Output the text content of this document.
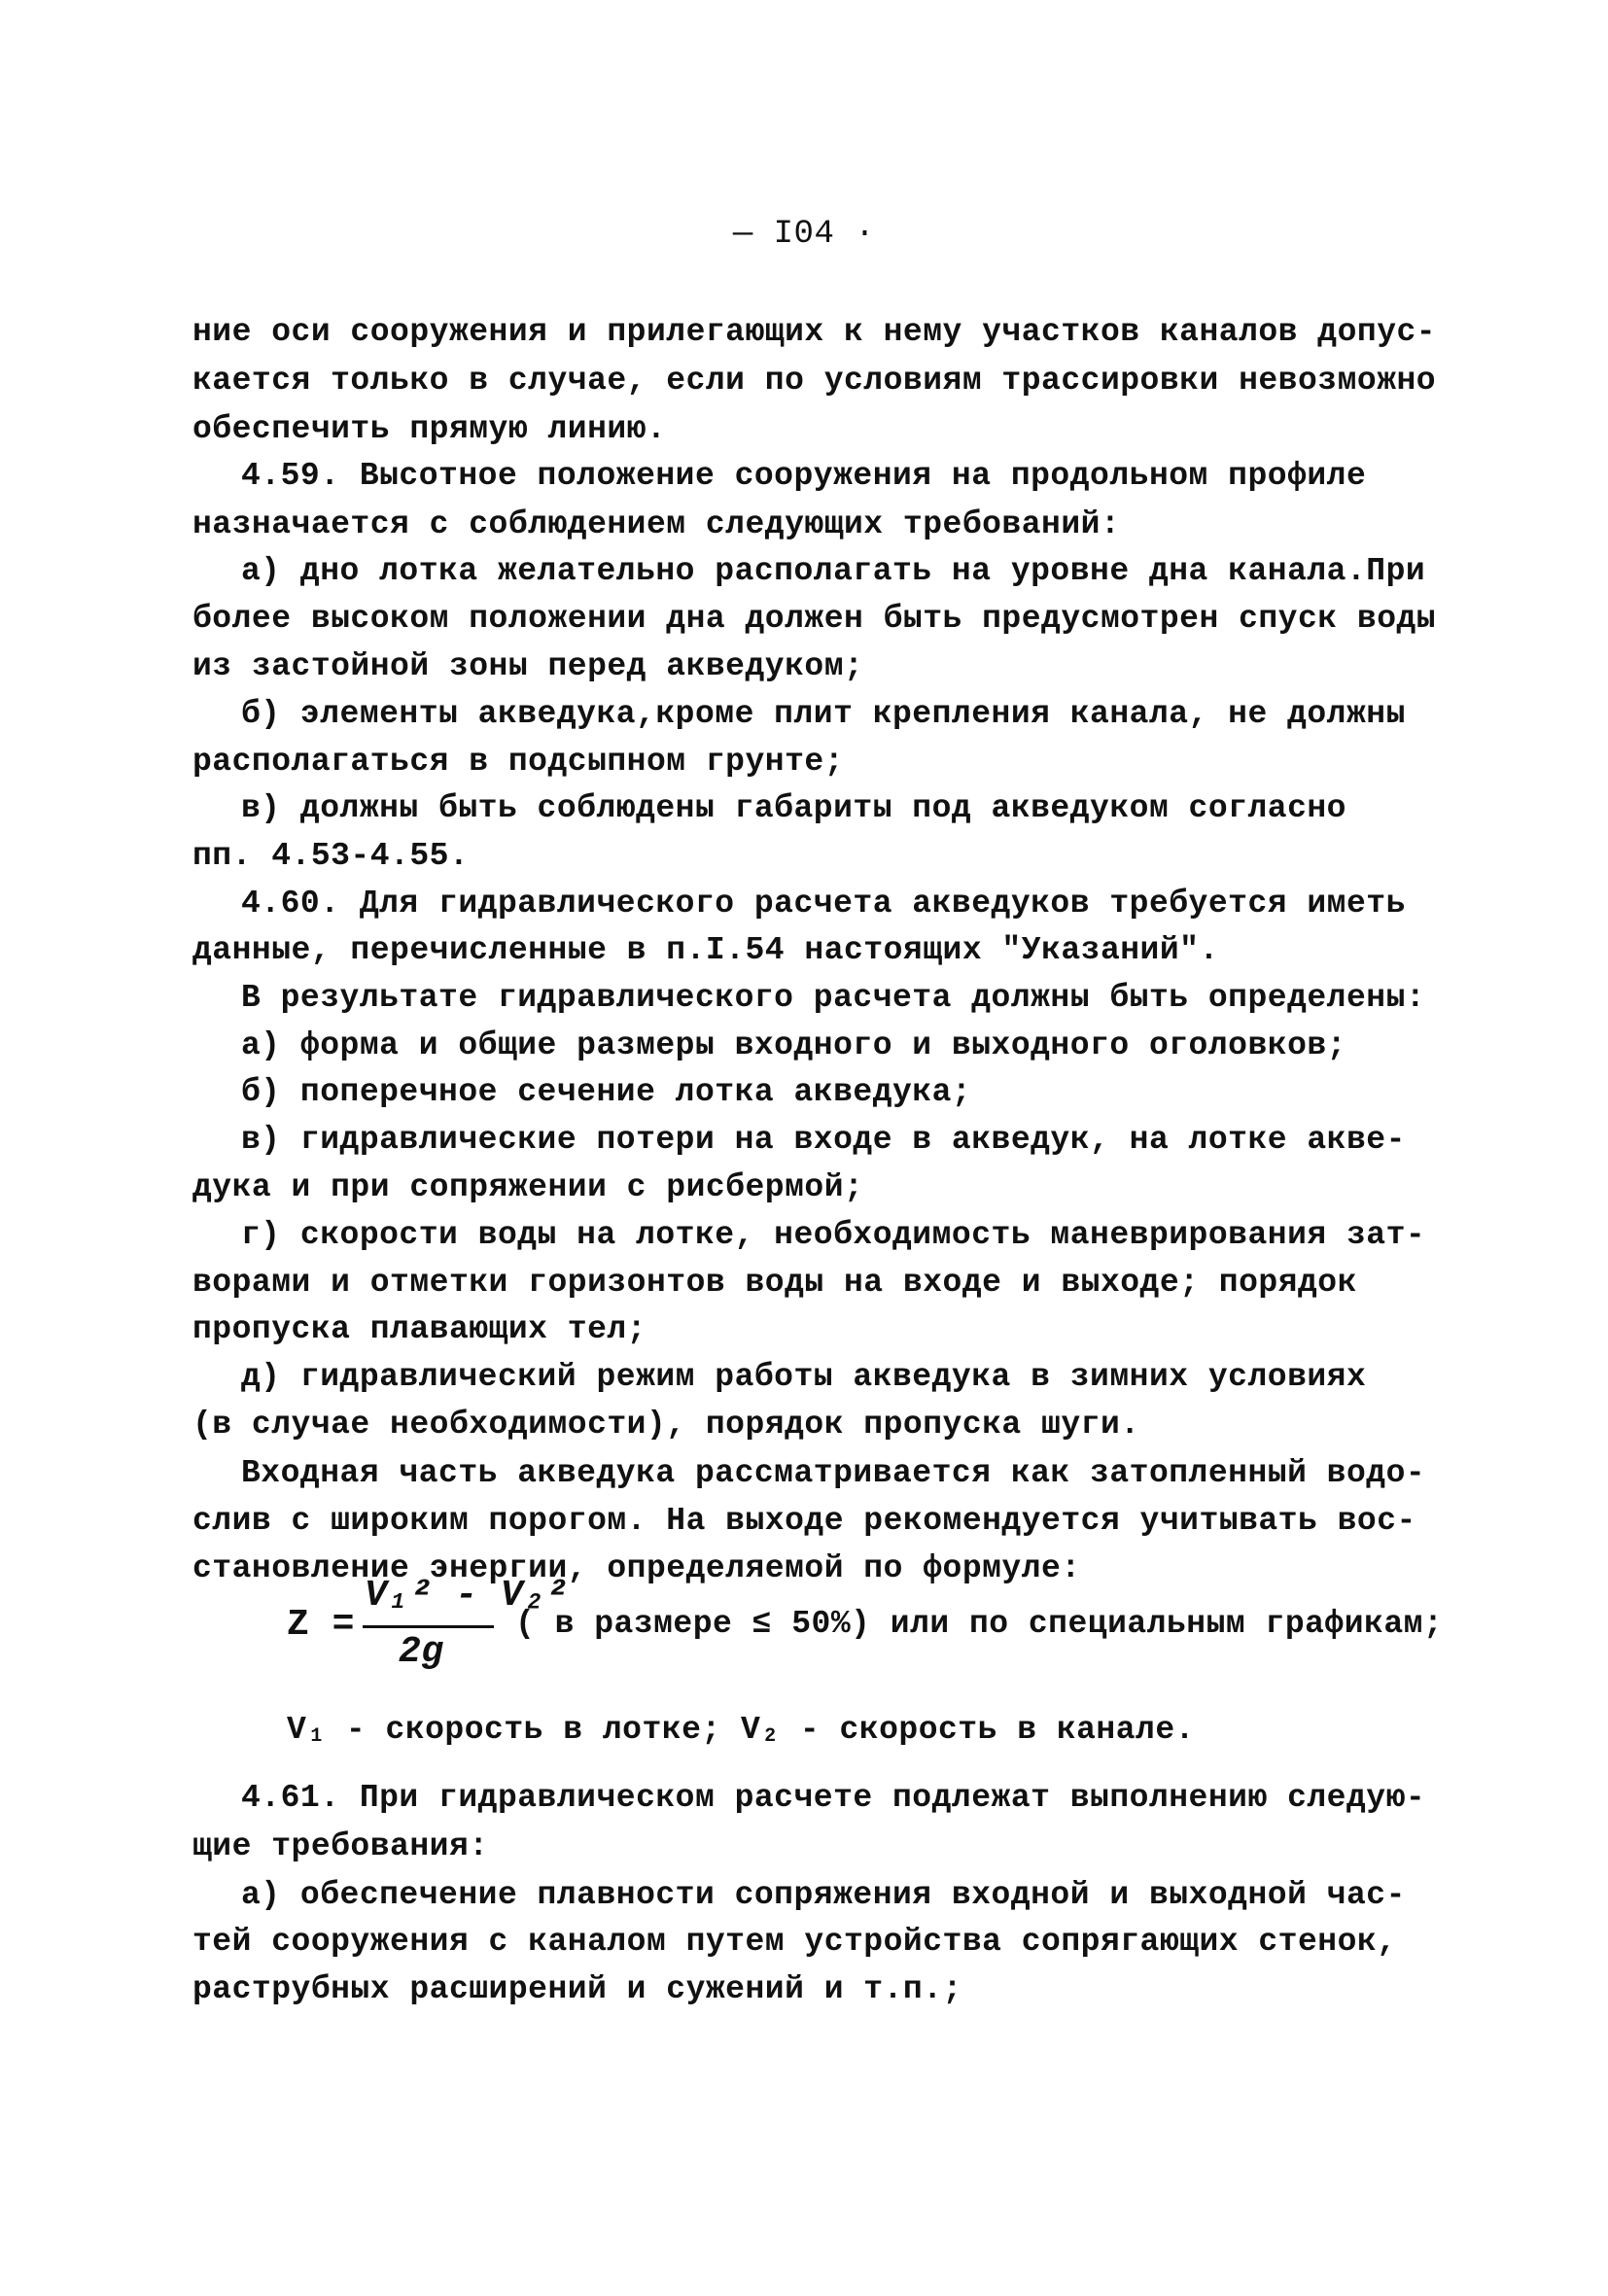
— I04 ·
ние оси сооружения и прилегающих к нему участков каналов допус-
кается только в случае, если по условиям трассировки невозможно
обеспечить прямую линию.
4.59. Высотное положение сооружения на продольном профиле
назначается с соблюдением следующих требований:
а) дно лотка желательно располагать на уровне дна канала.При
более высоком положении дна должен быть предусмотрен спуск воды
из застойной зоны перед акведуком;
б) элементы акведука,кроме плит крепления канала, не должны
располагаться в подсыпном грунте;
в) должны быть соблюдены габариты под акведуком согласно
пп. 4.53-4.55.
4.60. Для гидравлического расчета акведуков требуется иметь
данные, перечисленные в п.I.54 настоящих "Указаний".
В результате гидравлического расчета должны быть определены:
а) форма и общие размеры входного и выходного оголовков;
б) поперечное сечение лотка акведука;
в) гидравлические потери на входе в акведук, на лотке акве-
дука и при сопряжении с рисбермой;
г) скорости воды на лотке, необходимость маневрирования зат-
ворами и отметки горизонтов воды на входе и выходе; порядок
пропуска плавающих тел;
д) гидравлический режим работы акведука в зимних условиях
(в случае необходимости), порядок пропуска шуги.
Входная часть акведука рассматривается как затопленный водо-
слив с широким порогом. На выходе рекомендуется учитывать вос-
становление энергии, определяемой по формуле:
Z =
V₁² - V₂²
2g
( в размере ≤ 50%) или по специальным графикам;
V₁ - скорость в лотке; V₂ - скорость в канале.
4.61. При гидравлическом расчете подлежат выполнению следую-
щие требования:
а) обеспечение плавности сопряжения входной и выходной час-
тей сооружения с каналом путем устройства сопрягающих стенок,
раструбных расширений и сужений и т.п.;
